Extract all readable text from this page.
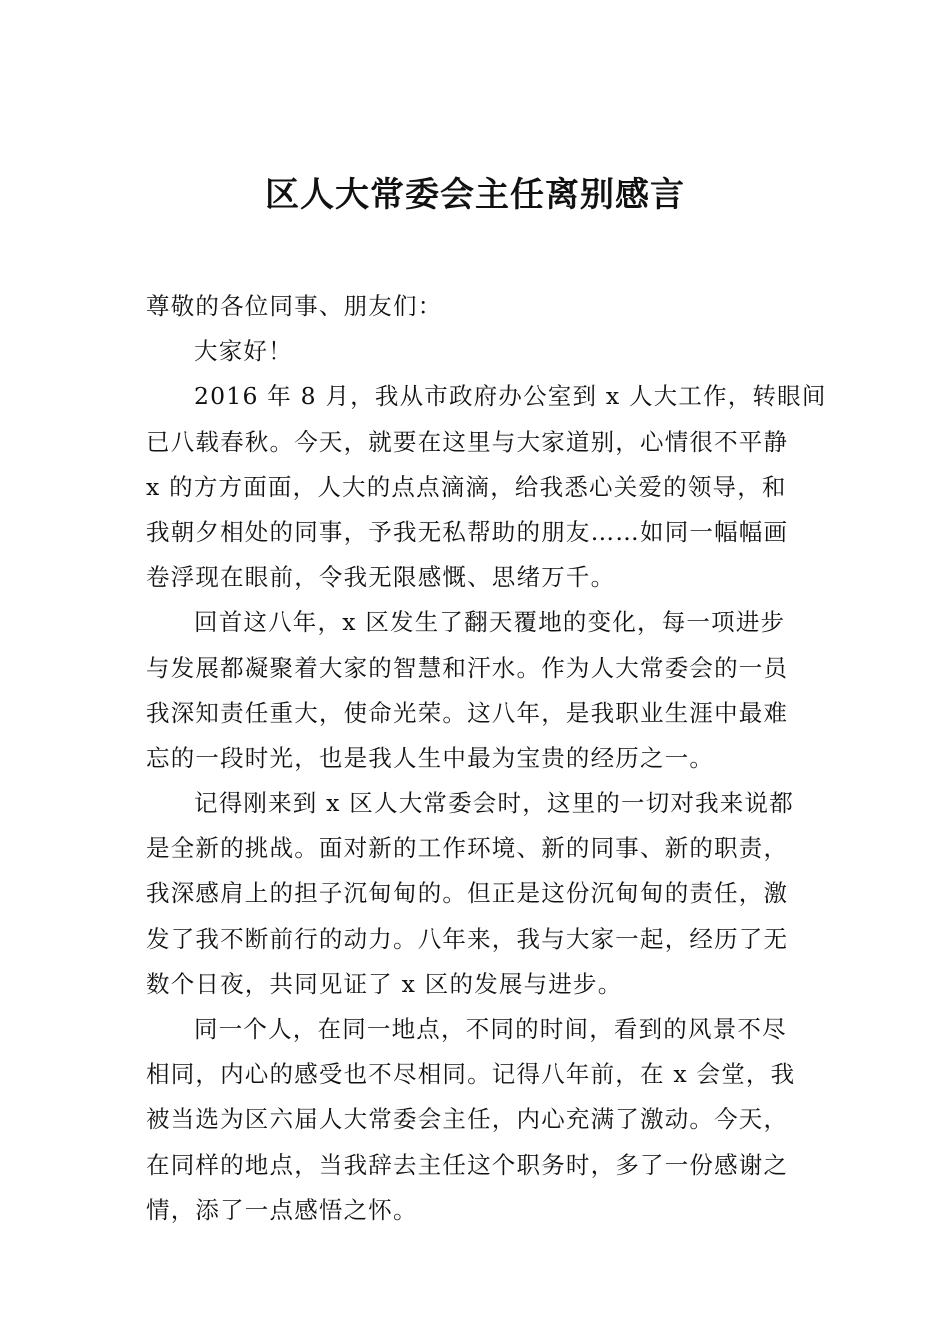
区人大常委会主任离别感言
尊敬的各位同事、朋友们：
大家好！
2016 年 8 月，我从市政府办公室到 x 人大工作，转眼间
已八载春秋。今天，就要在这里与大家道别，心情很不平静
x 的方方面面，人大的点点滴滴，给我悉心关爱的领导，和
我朝夕相处的同事，予我无私帮助的朋友……如同一幅幅画
卷浮现在眼前，令我无限感慨、思绪万千。
回首这八年，x 区发生了翻天覆地的变化，每一项进步
与发展都凝聚着大家的智慧和汗水。作为人大常委会的一员
我深知责任重大，使命光荣。这八年，是我职业生涯中最难
忘的一段时光，也是我人生中最为宝贵的经历之一。
记得刚来到 x 区人大常委会时，这里的一切对我来说都
是全新的挑战。面对新的工作环境、新的同事、新的职责，
我深感肩上的担子沉甸甸的。但正是这份沉甸甸的责任，激
发了我不断前行的动力。八年来，我与大家一起，经历了无
数个日夜，共同见证了 x 区的发展与进步。
同一个人，在同一地点，不同的时间，看到的风景不尽
相同，内心的感受也不尽相同。记得八年前，在 x 会堂，我
被当选为区六届人大常委会主任，内心充满了激动。今天，
在同样的地点，当我辞去主任这个职务时，多了一份感谢之
情，添了一点感悟之怀。
